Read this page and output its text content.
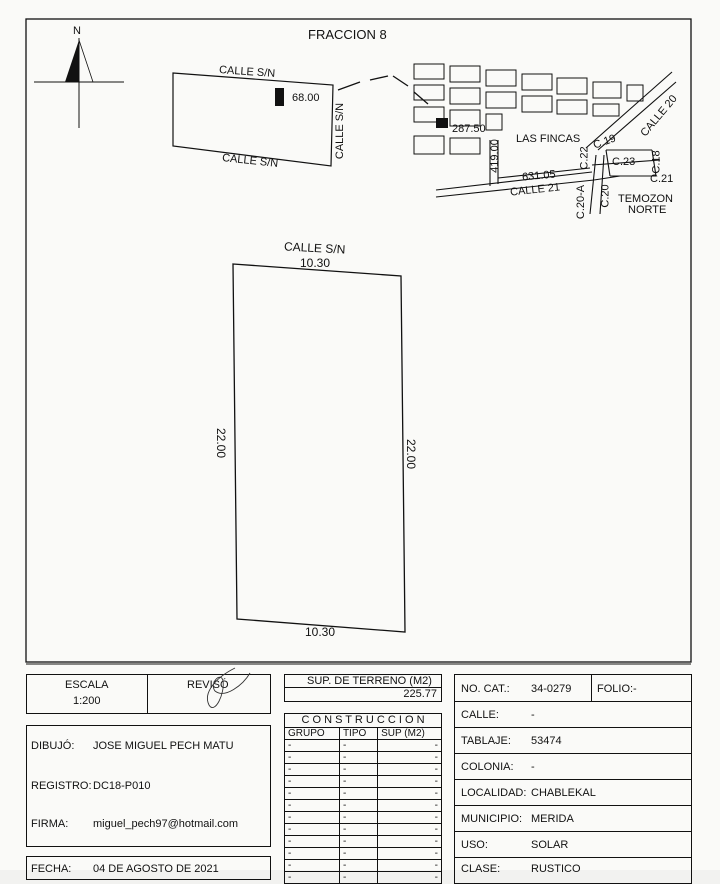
FRACCION 8
N
CALLE S/N
68.00
CALLE S/N
CALLE S/N	287.50
419.00
631.05
LAS FINCAS
CALLE 21
CALLE 20
C.19
C.22 C.23 C.18
C.21
C.20-A C.20 TEMOZON
NORTE
CALLE S/N
10.30
10.30
22.00	22.00
ESCALA
1:200
REVISÓ	SUP. DE TERRENO (M2)
225.77
C O N S T R U C C I O N
GRUPO	TIPO	SUP (M2)
-	-	-
-	-	-
-	-	-
-	-	-
-	-	-
-	-	-
-	-	-
-	-	-
-	-	-
-	-	-
-	-	-
-	-	-
DIBUJÓ: JOSE MIGUEL PECH MATU
REGISTRO: DC18-P010
FIRMA: miguel_pech97@hotmail.com
FECHA: 04 DE AGOSTO DE 2021
NO. CAT.: 34-0279 FOLIO:-
CALLE:	-
TABLAJE: 53474
COLONIA: -
LOCALIDAD: CHABLEKAL
MUNICIPIO: MERIDA
USO:	SOLAR
CLASE:	RUSTICO
